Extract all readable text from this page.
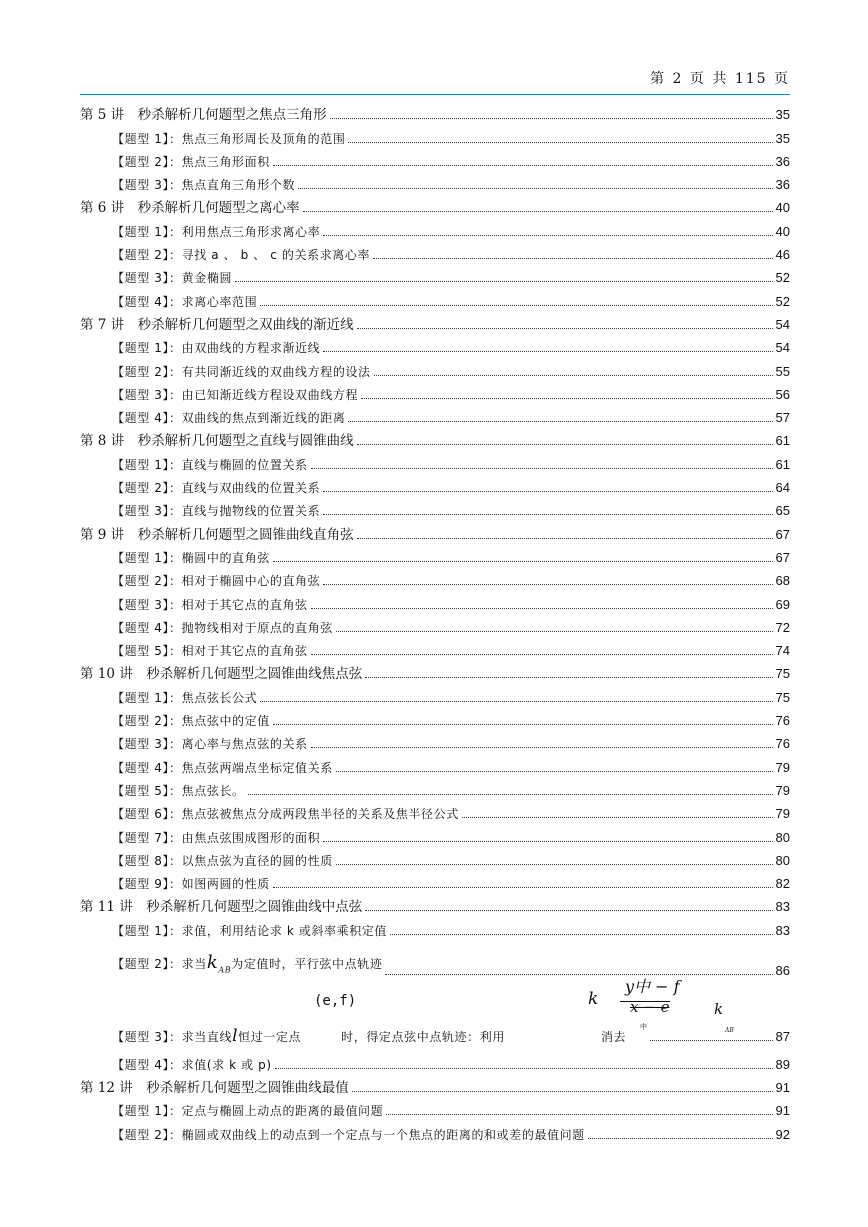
第 2 页 共 115 页
第 5 讲　秒杀解析几何题型之焦点三角形	35
【题型 1】：焦点三角形周长及顶角的范围	35
【题型 2】：焦点三角形面积	36
【题型 3】：焦点直角三角形个数	36
第 6 讲　秒杀解析几何题型之离心率	40
【题型 1】：利用焦点三角形求离心率	40
【题型 2】：寻找 a 、 b 、 c 的关系求离心率	46
【题型 3】：黄金椭圆	52
【题型 4】：求离心率范围	52
第 7 讲　秒杀解析几何题型之双曲线的渐近线	54
【题型 1】：由双曲线的方程求渐近线	54
【题型 2】：有共同渐近线的双曲线方程的设法	55
【题型 3】：由已知渐近线方程设双曲线方程	56
【题型 4】：双曲线的焦点到渐近线的距离	57
第 8 讲　秒杀解析几何题型之直线与圆锥曲线	61
【题型 1】：直线与椭圆的位置关系	61
【题型 2】：直线与双曲线的位置关系	64
【题型 3】：直线与抛物线的位置关系	65
第 9 讲　秒杀解析几何题型之圆锥曲线直角弦	67
【题型 1】：椭圆中的直角弦	67
【题型 2】：相对于椭圆中心的直角弦	68
【题型 3】：相对于其它点的直角弦	69
【题型 4】：抛物线相对于原点的直角弦	72
【题型 5】：相对于其它点的直角弦	74
第 10 讲　秒杀解析几何题型之圆锥曲线焦点弦	75
【题型 1】：焦点弦长公式	75
【题型 2】：焦点弦中的定值	76
【题型 3】：离心率与焦点弦的关系	76
【题型 4】：焦点弦两端点坐标定值关系	79
【题型 5】：焦点弦长。	79
【题型 6】：焦点弦被焦点分成两段焦半径的关系及焦半径公式	79
【题型 7】：由焦点弦围成图形的面积	80
【题型 8】：以焦点弦为直径的圆的性质	80
【题型 9】：如图两圆的性质	82
第 11 讲　秒杀解析几何题型之圆锥曲线中点弦	83
【题型 1】：求值，利用结论求 k 或斜率乘积定值	83
【题型 2】：求当$k_{AB}$为定值时，平行弦中点轨迹	86
(e,f)	k
y中 − f
x − e
中
k
AB
【题型 3】：求当直线l恒过一定点	时，得定点弦中点轨迹：利用	消去	87
【题型 4】：求值(求 k 或 p)	89
第 12 讲　秒杀解析几何题型之圆锥曲线最值	91
【题型 1】：定点与椭圆上动点的距离的最值问题	91
【题型 2】：椭圆或双曲线上的动点到一个定点与一个焦点的距离的和或差的最值问题	92
